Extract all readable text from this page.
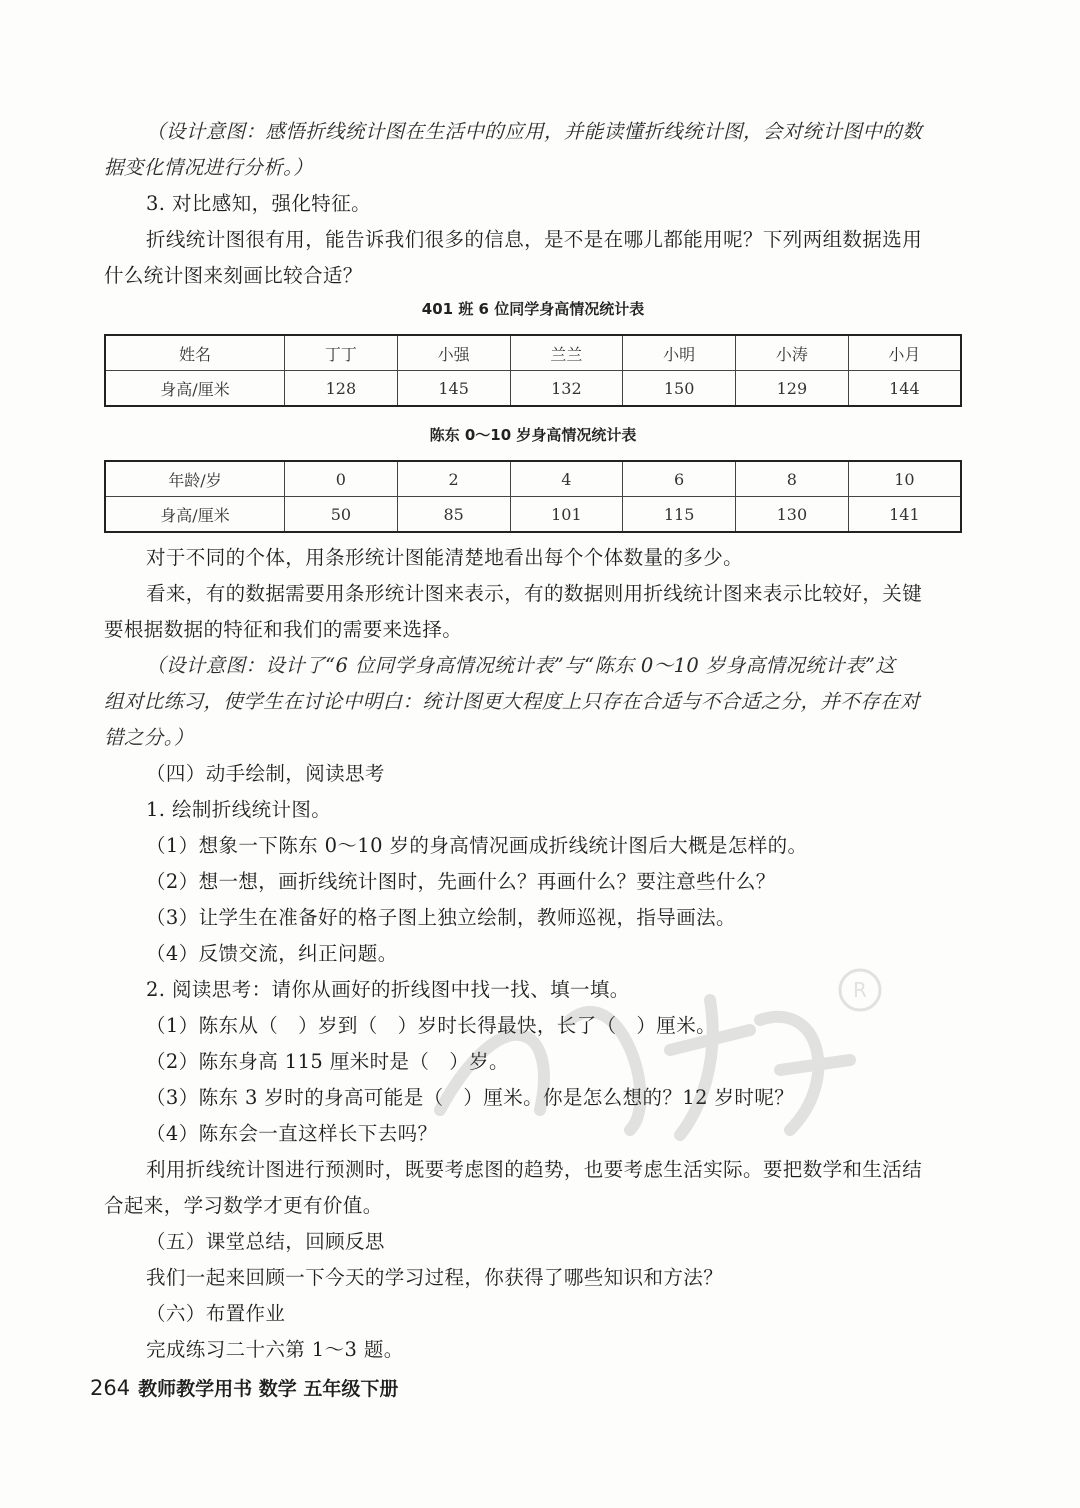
（设计意图：感悟折线统计图在生活中的应用，并能读懂折线统计图，会对统计图中的数
据变化情况进行分析。）
3. 对比感知，强化特征。
折线统计图很有用，能告诉我们很多的信息，是不是在哪儿都能用呢？下列两组数据选用
什么统计图来刻画比较合适？
401 班 6 位同学身高情况统计表
姓名	丁丁	小强	兰兰	小明	小涛	小月
身高/厘米	128	145	132	150	129	144
陈东 0～10 岁身高情况统计表
年龄/岁	0	2	4	6	8	10
身高/厘米	50	85	101	115	130	141
对于不同的个体，用条形统计图能清楚地看出每个个体数量的多少。
看来，有的数据需要用条形统计图来表示，有的数据则用折线统计图来表示比较好，关键
要根据数据的特征和我们的需要来选择。
（设计意图：设计了“6 位同学身高情况统计表”与“陈东 0～10 岁身高情况统计表”这
组对比练习，使学生在讨论中明白：统计图更大程度上只存在合适与不合适之分，并不存在对
错之分。）
（四）动手绘制，阅读思考
1. 绘制折线统计图。
（1）想象一下陈东 0～10 岁的身高情况画成折线统计图后大概是怎样的。
（2）想一想，画折线统计图时，先画什么？再画什么？要注意些什么？
（3）让学生在准备好的格子图上独立绘制，教师巡视，指导画法。
（4）反馈交流，纠正问题。
2. 阅读思考：请你从画好的折线图中找一找、填一填。
（1）陈东从（　）岁到（　）岁时长得最快，长了（　）厘米。
（2）陈东身高 115 厘米时是（　）岁。
（3）陈东 3 岁时的身高可能是（　）厘米。你是怎么想的？12 岁时呢？
（4）陈东会一直这样长下去吗？
利用折线统计图进行预测时，既要考虑图的趋势，也要考虑生活实际。要把数学和生活结
合起来，学习数学才更有价值。
（五）课堂总结，回顾反思
我们一起来回顾一下今天的学习过程，你获得了哪些知识和方法？
（六）布置作业
完成练习二十六第 1～3 题。
R
264 教师教学用书 数学 五年级下册
